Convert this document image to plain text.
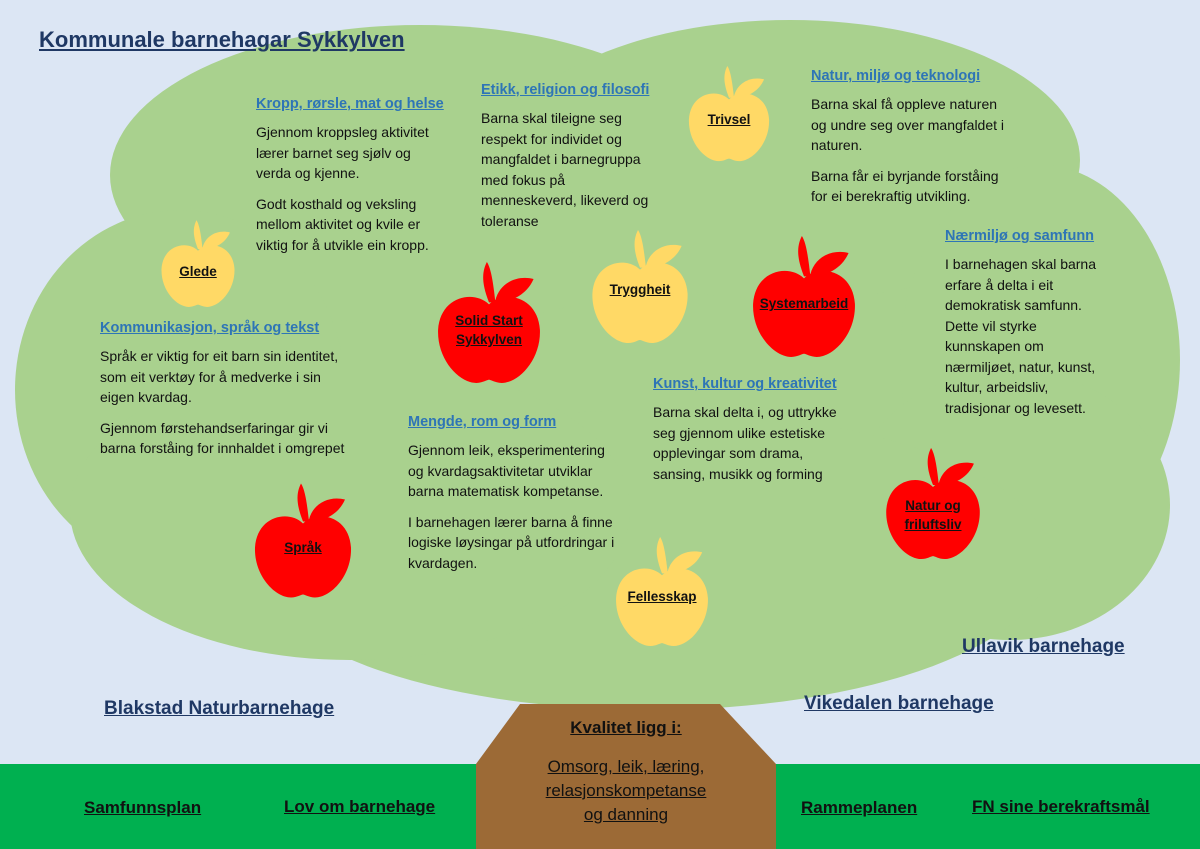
Kommunale barnehagar Sykkylven
Blakstad Naturbarnehage	Vikedalen barnehage
Ullavik barnehage
Kropp, rørsle, mat og helse

Gjennom kroppsleg aktivitet lærer barnet seg sjølv og verda og kjenne.

Godt kosthald og veksling mellom aktivitet og kvile er viktig for å utvikle ein kropp.

Etikk, religion og filosofi

Barna skal tileigne seg respekt for individet og mangfaldet i barnegruppa med fokus på menneskeverd, likeverd og toleranse

Natur, miljø og teknologi

Barna skal få oppleve naturen og undre seg over mangfaldet i naturen.

Barna får ei byrjande forståing for ei berekraftig utvikling.

Nærmiljø og samfunn

I barnehagen skal barna erfare å delta i eit demokratisk samfunn. Dette vil styrke kunnskapen om nærmiljøet, natur, kunst, kultur, arbeidsliv, tradisjonar og levesett.

Kommunikasjon, språk og tekst

Språk er viktig for eit barn sin identitet, som eit verktøy for å medverke i sin eigen kvardag.

Gjennom førstehandserfaringar gir vi barna forståing for innhaldet i omgrepet

Mengde, rom og form

Gjennom leik, eksperimentering og kvardagsaktivitetar utviklar barna matematisk kompetanse.

I barnehagen lærer barna å finne logiske løysingar på utfordringar i kvardagen.

Kunst, kultur og kreativitet

Barna skal delta i, og uttrykke seg gjennom ulike estetiske opplevingar som drama, sansing, musikk og forming

Glede
Trivsel
Tryggheit
Fellesskap
Solid Start
Sykkylven
Systemarbeid
Språk
Natur og
friluftsliv
Kvalitet ligg i:
Omsorg, leik, læring,
relasjonskompetanse
og danning
Samfunnsplan	Lov om barnehage	Rammeplanen	FN sine berekraftsmål
